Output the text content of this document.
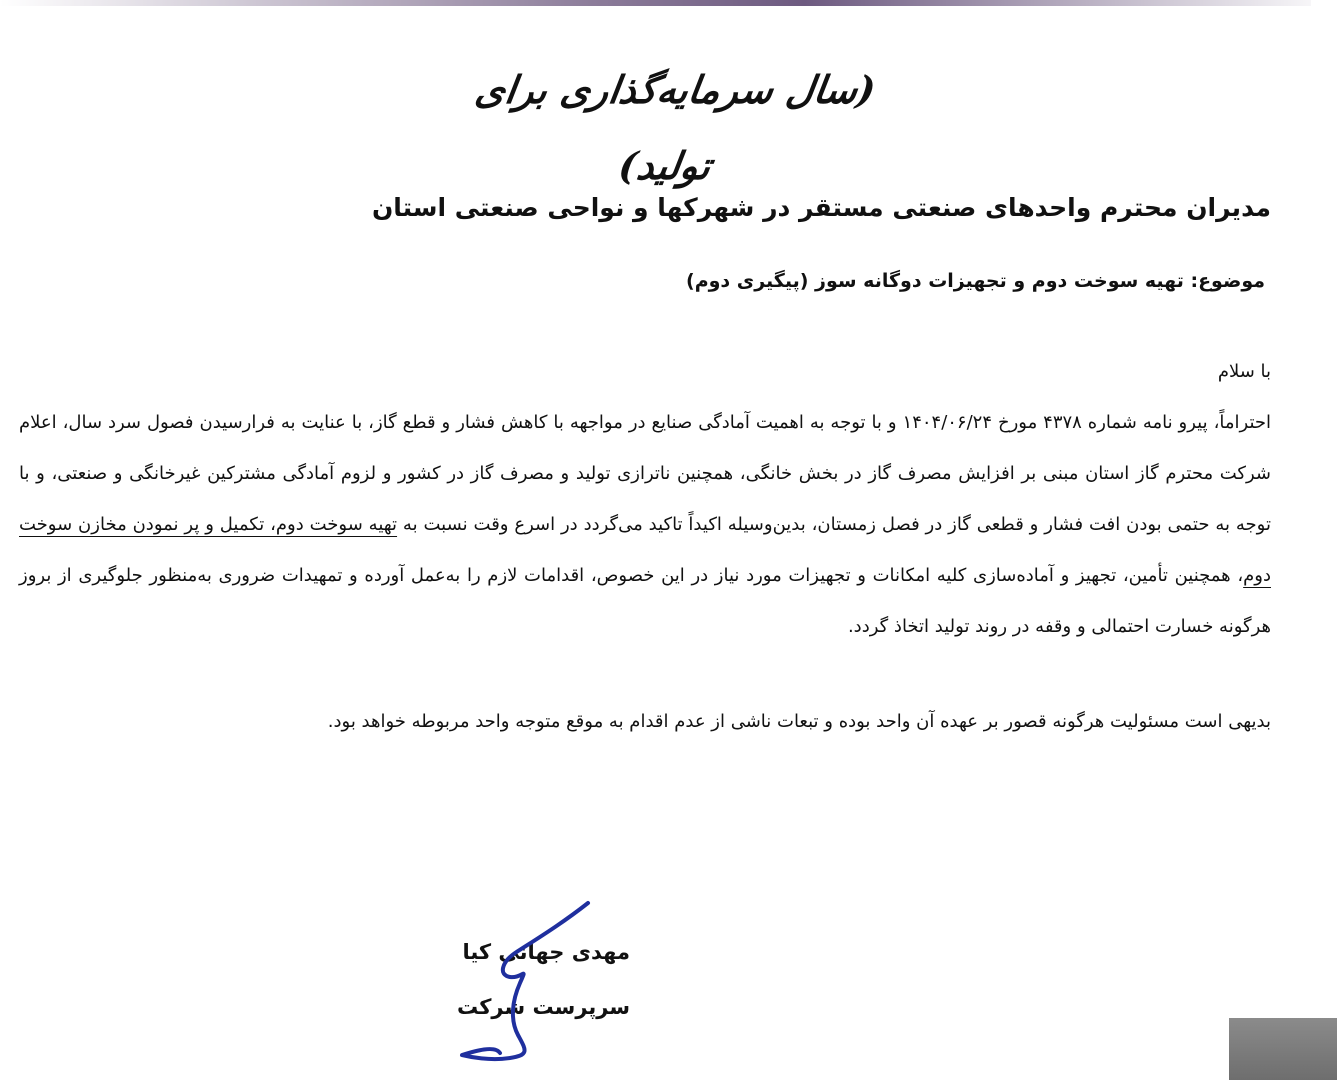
(سال سرمایه‌گذاری برای تولید)
مدیران محترم واحدهای صنعتی مستقر در شهرکها و نواحی صنعتی استان
موضوع: تهیه سوخت دوم و تجهیزات دوگانه سوز (پیگیری دوم)
با سلام
احتراماً، پیرو نامه شماره ۴۳۷۸ مورخ ۱۴۰۴/۰۶/۲۴ و با توجه به اهمیت آمادگی صنایع در مواجهه با کاهش فشار و قطع گاز، با عنایت به فرارسیدن فصول سرد سال، اعلام شرکت محترم گاز استان مبنی بر افزایش مصرف گاز در بخش خانگی، همچنین ناترازی تولید و مصرف گاز در کشور و لزوم آمادگی مشترکین غیرخانگی و صنعتی، و با توجه به حتمی بودن افت فشار و قطعی گاز در فصل زمستان، بدین‌وسیله اکیداً تاکید می‌گردد در اسرع وقت نسبت به تهیه سوخت دوم، تکمیل و پر نمودن مخازن سوخت دوم، همچنین تأمین، تجهیز و آماده‌سازی کلیه امکانات و تجهیزات مورد نیاز در این خصوص، اقدامات لازم را به‌عمل آورده و تمهیدات ضروری به‌منظور جلوگیری از بروز هرگونه خسارت احتمالی و وقفه در روند تولید اتخاذ گردد.
بدیهی است مسئولیت هرگونه قصور بر عهده آن واحد بوده و تبعات ناشی از عدم اقدام به موقع متوجه واحد مربوطه خواهد بود.
مهدی جهانی کیا
سرپرست شرکت
